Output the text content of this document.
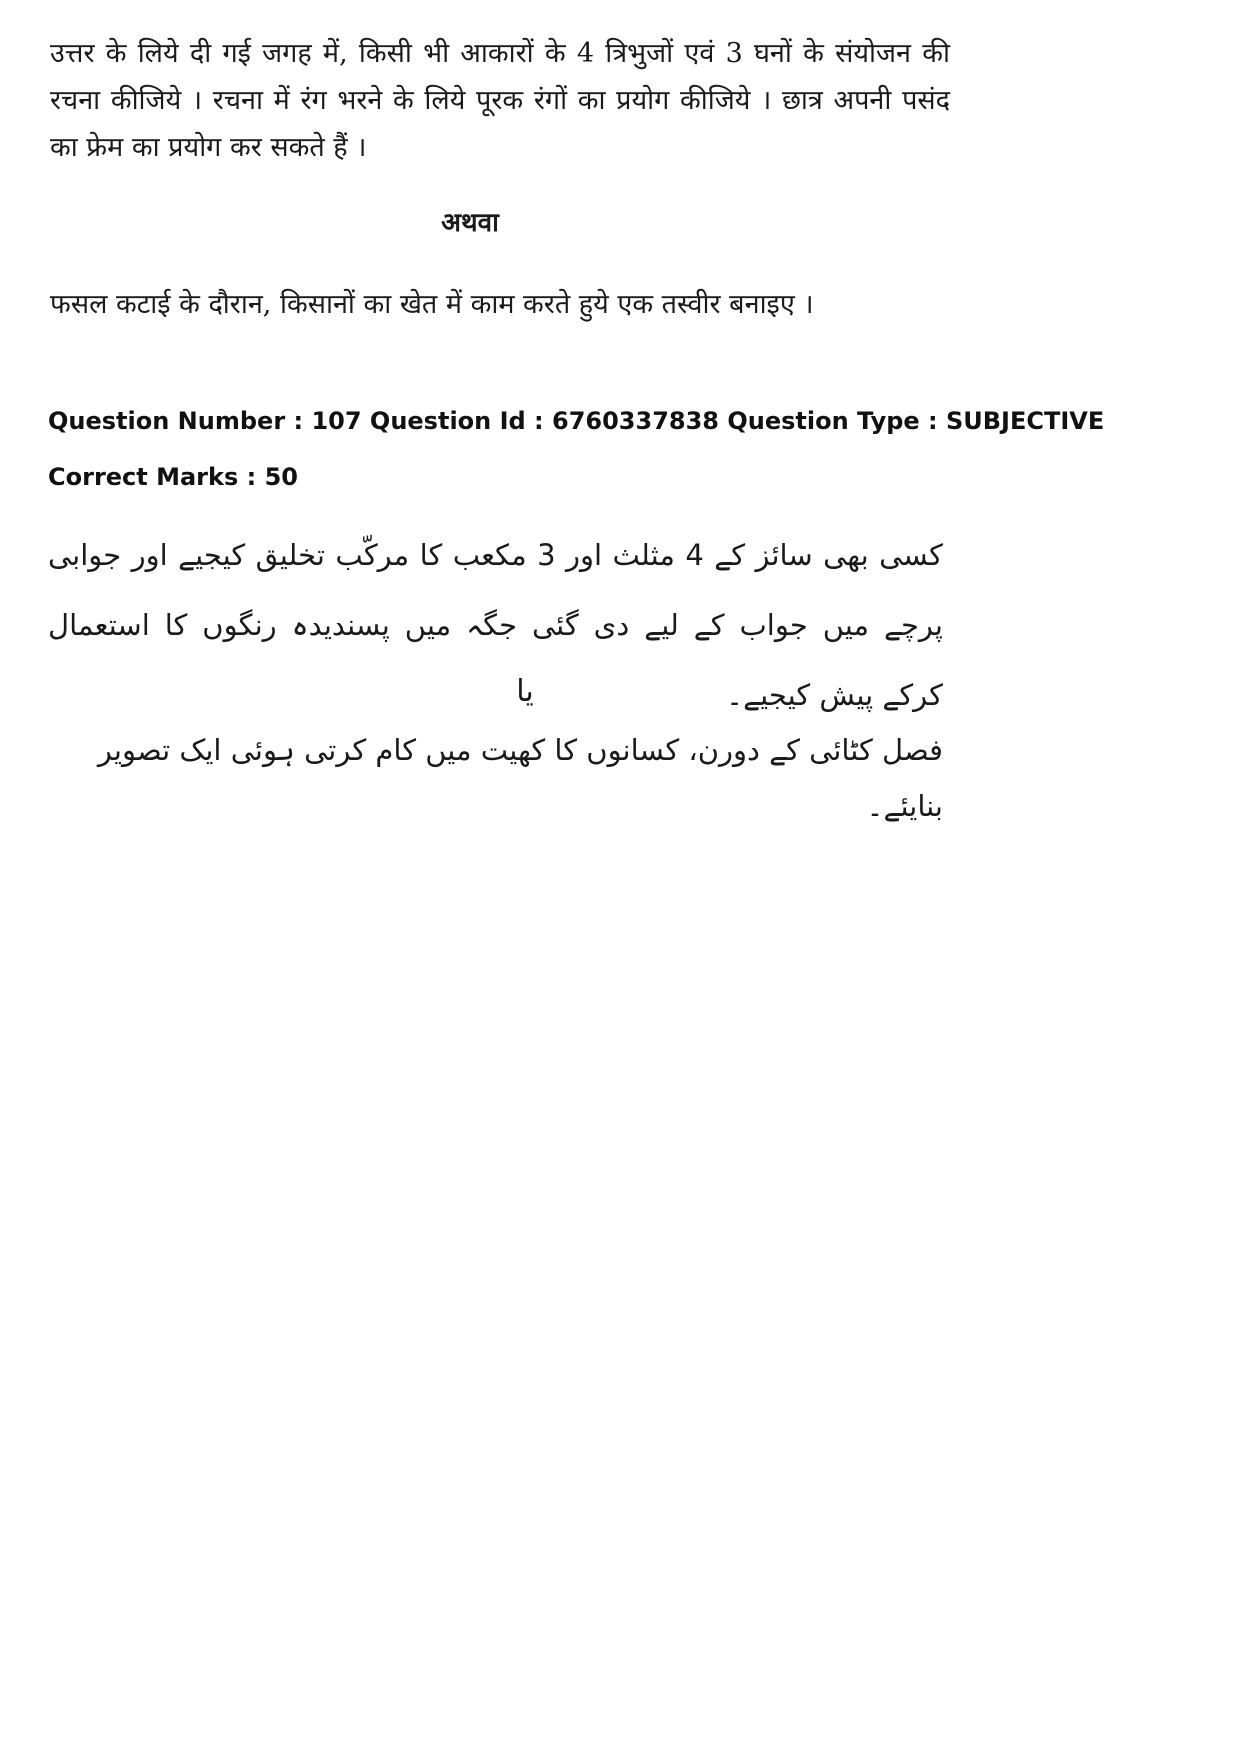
उत्तर के लिये दी गई जगह में, किसी भी आकारों के 4 त्रिभुजों एवं 3 घनों के संयोजन की रचना कीजिये । रचना में रंग भरने के लिये पूरक रंगों का प्रयोग कीजिये । छात्र अपनी पसंद का फ्रेम का प्रयोग कर सकते हैं ।
अथवा
फसल कटाई के दौरान, किसानों का खेत में काम करते हुये एक तस्वीर बनाइए ।
Question Number : 107 Question Id : 6760337838 Question Type : SUBJECTIVE
Correct Marks : 50
کسی بھی سائز کے 4 مثلث اور 3 مکعب کا مرکّب تخلیق کیجیے اور جوابی پرچے میں جواب کے لیے دی گئی جگہ میں پسندیدہ رنگوں کا استعمال کرکے پیش کیجیے۔
یا
فصل کٹائی کے دورن، کسانوں کا کھیت میں کام کرتی ہوئی ایک تصویر بنایئے۔
